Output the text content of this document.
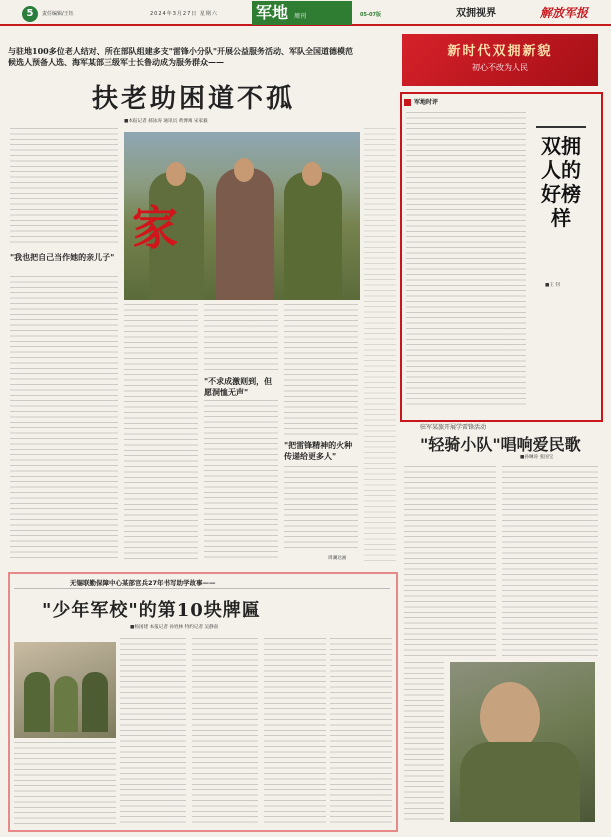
5	责任编辑/王钰	2024年3月27日 星期六 军地 周刊	05-07版	双拥视界	解放军报
与驻地100多位老人结对、所在部队组建多支"雷锋小分队"开展公益服务活动、军队全国道德模范
候选人预备人选、海军某部三级军士长鲁动成为服务群众——
新时代双拥新貌
初心不改为人民
扶老助困道不孤
■本报记者 郝泳涛 通讯员 黄博寓 宋家毅
"我也把自己当作她的亲儿子"
家
"不求成激则到，但愿洞恤无声"
"把雷锋精神的火种传递给更多人"
周澜达画
军地时评
双拥人的好榜样
■王 钊
驻军某旅开展学雷锋活动
"轻骑小队"唱响爱民歌
■孙琳涛 张国宝
无锡联勤保障中心某部官兵27年书写助学故事——
"少年军校"的第10块牌匾
■杨国建 本报记者 孙姓林 特约记者 吴静南
